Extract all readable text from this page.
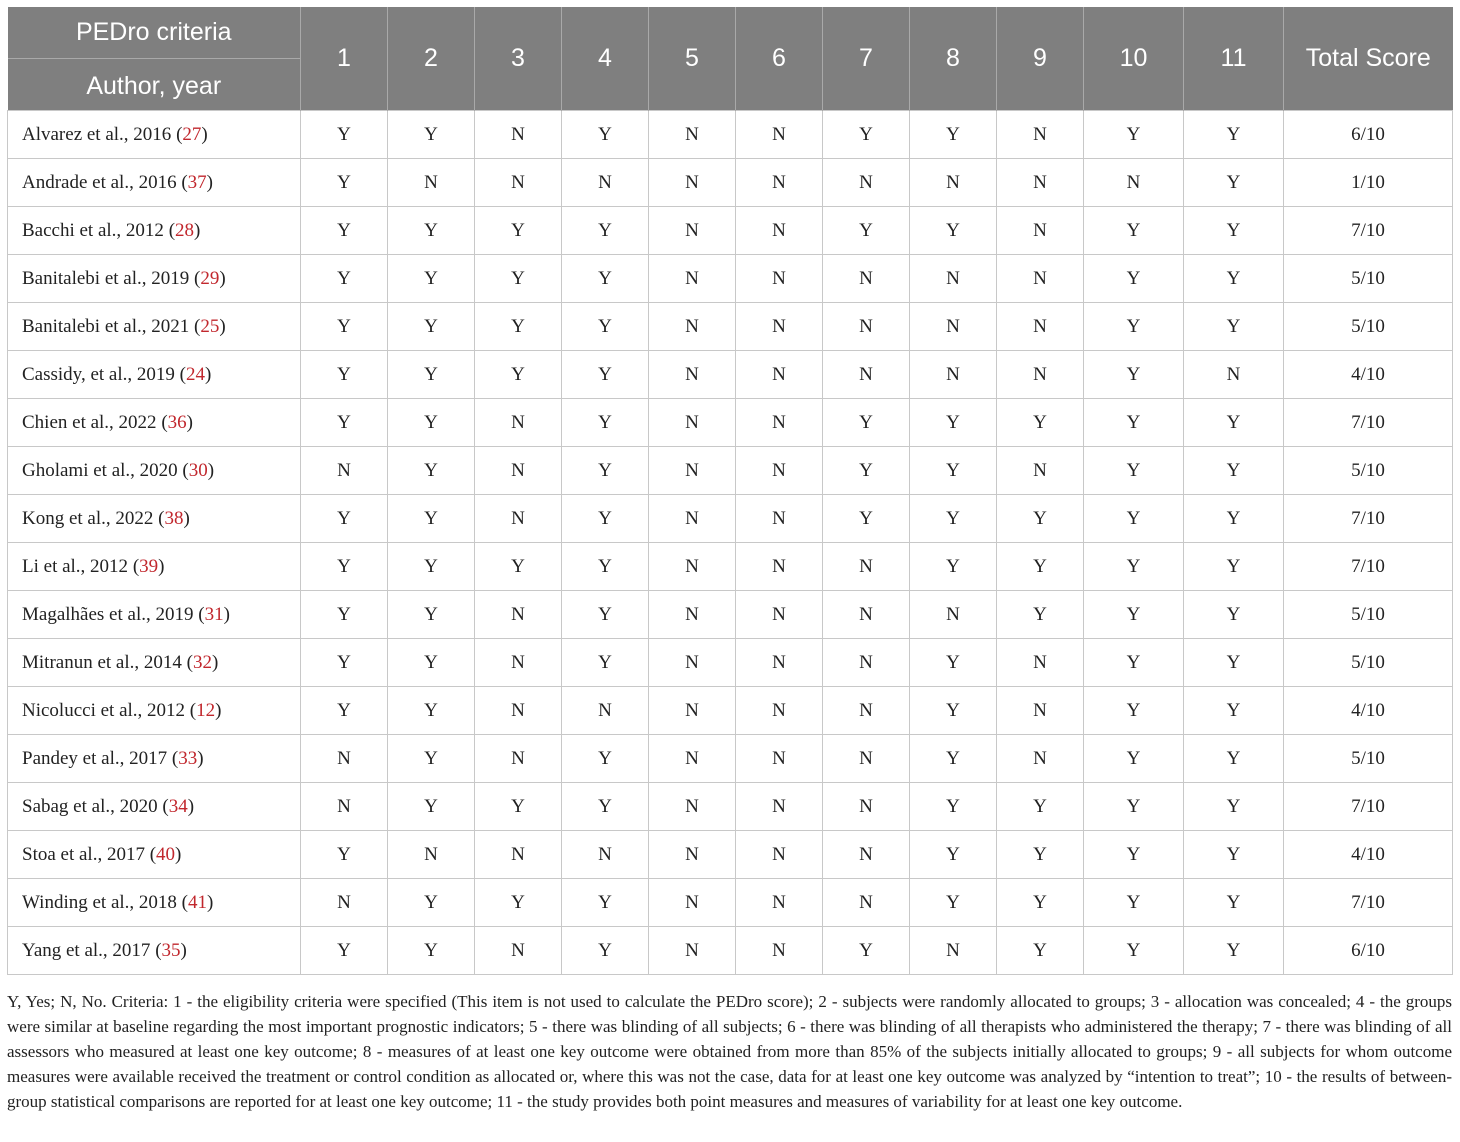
PEDro criteria
Author, year	1	2	3	4	5	6	7	8	9	10	11	Total Score
Alvarez et al., 2016 (27)	Y	Y	N	Y	N	N	Y	Y	N	Y	Y	6/10
Andrade et al., 2016 (37)	Y	N	N	N	N	N	N	N	N	N	Y	1/10
Bacchi et al., 2012 (28)	Y	Y	Y	Y	N	N	Y	Y	N	Y	Y	7/10
Banitalebi et al., 2019 (29)	Y	Y	Y	Y	N	N	N	N	N	Y	Y	5/10
Banitalebi et al., 2021 (25)	Y	Y	Y	Y	N	N	N	N	N	Y	Y	5/10
Cassidy, et al., 2019 (24)	Y	Y	Y	Y	N	N	N	N	N	Y	N	4/10
Chien et al., 2022 (36)	Y	Y	N	Y	N	N	Y	Y	Y	Y	Y	7/10
Gholami et al., 2020 (30)	N	Y	N	Y	N	N	Y	Y	N	Y	Y	5/10
Kong et al., 2022 (38)	Y	Y	N	Y	N	N	Y	Y	Y	Y	Y	7/10
Li et al., 2012 (39)	Y	Y	Y	Y	N	N	N	Y	Y	Y	Y	7/10
Magalhães et al., 2019 (31)	Y	Y	N	Y	N	N	N	N	Y	Y	Y	5/10
Mitranun et al., 2014 (32)	Y	Y	N	Y	N	N	N	Y	N	Y	Y	5/10
Nicolucci et al., 2012 (12)	Y	Y	N	N	N	N	N	Y	N	Y	Y	4/10
Pandey et al., 2017 (33)	N	Y	N	Y	N	N	N	Y	N	Y	Y	5/10
Sabag et al., 2020 (34)	N	Y	Y	Y	N	N	N	Y	Y	Y	Y	7/10
Stoa et al., 2017 (40)	Y	N	N	N	N	N	N	Y	Y	Y	Y	4/10
Winding et al., 2018 (41)	N	Y	Y	Y	N	N	N	Y	Y	Y	Y	7/10
Yang et al., 2017 (35)	Y	Y	N	Y	N	N	Y	N	Y	Y	Y	6/10
Y, Yes; N, No. Criteria: 1 - the eligibility criteria were specified (This item is not used to calculate the PEDro score); 2 - subjects were randomly allocated to groups; 3 - allocation was concealed; 4 - the groups were similar at baseline regarding the most important prognostic indicators; 5 - there was blinding of all subjects; 6 - there was blinding of all therapists who administered the therapy; 7 - there was blinding of all assessors who measured at least one key outcome; 8 - measures of at least one key outcome were obtained from more than 85% of the subjects initially allocated to groups; 9 - all subjects for whom outcome measures were available received the treatment or control condition as allocated or, where this was not the case, data for at least one key outcome was analyzed by “intention to treat”; 10 - the results of between-group statistical comparisons are reported for at least one key outcome; 11 - the study provides both point measures and measures of variability for at least one key outcome.
